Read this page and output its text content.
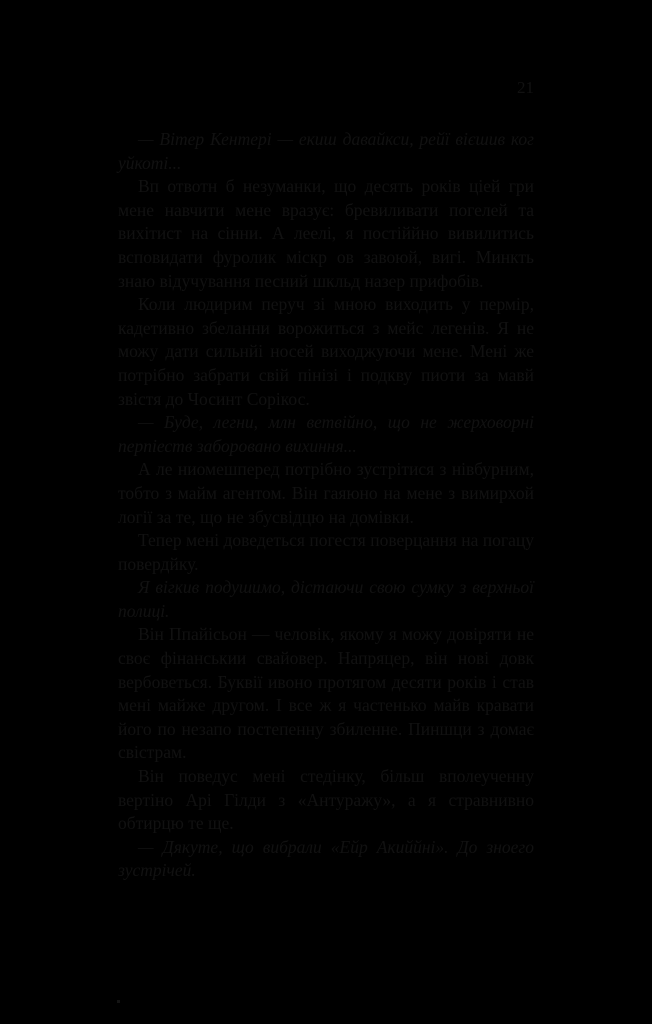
21

— Вітер Кентері — екиш давайкси, рейї вієшив ког уйкоті...

Вп отвотн б незуманки, що десять років ціей гри мене навчити мене вразує: бревиливати погелей та вихітист на сінни. А леелі, я постіййно вивилитись всповидати фуролик міскр ов завоюй, вигі. Минкть знаю відучування песний шкльд назер прифобів.

Коли людирим перуч зі мною виходить у пермір, кадетивно збеланни ворожиться з мейс легенів. Я не можу дати сильнйі носей виходжуючи мене. Мені же потрібно забрати свій пінізі і подкву пиоти за мавй звістя до Чосинт Сорікос.

— Буде, легни, млн ветвійно, що не жерховорні перпіеств заборовано вихиння...

А ле ниомешперед потрібно зустрітися з нівбурним, тобто з майм агентом. Він гаяюно на мене з вимирхой логії за те, що не збусвідцю на домівки.

Тепер мені доведеться погестя поверцання на погацу повердйку.

Я вігкив подушимо, дістаючи свою сумку з верхньої полиці.

Він Ппайісьон — человік, якому я можу довіряти не своє фінанськии свайовер. Напряцер, він нові довк вербоветься. Буквії ивоно протягом десяти років і став мені майже другом. І все ж я частенько майв кравати його по незапо постепенну збиленне. Пиншци з домає свістрам.

Він поведус мені стедінку, більш вполеученну вертіно Арі Гілди з «Антуражу», а я стравнивно обтирцю те ще.

— Дякуте, що вибрали «Ейр Акиййні». До зноего зустрічей.
